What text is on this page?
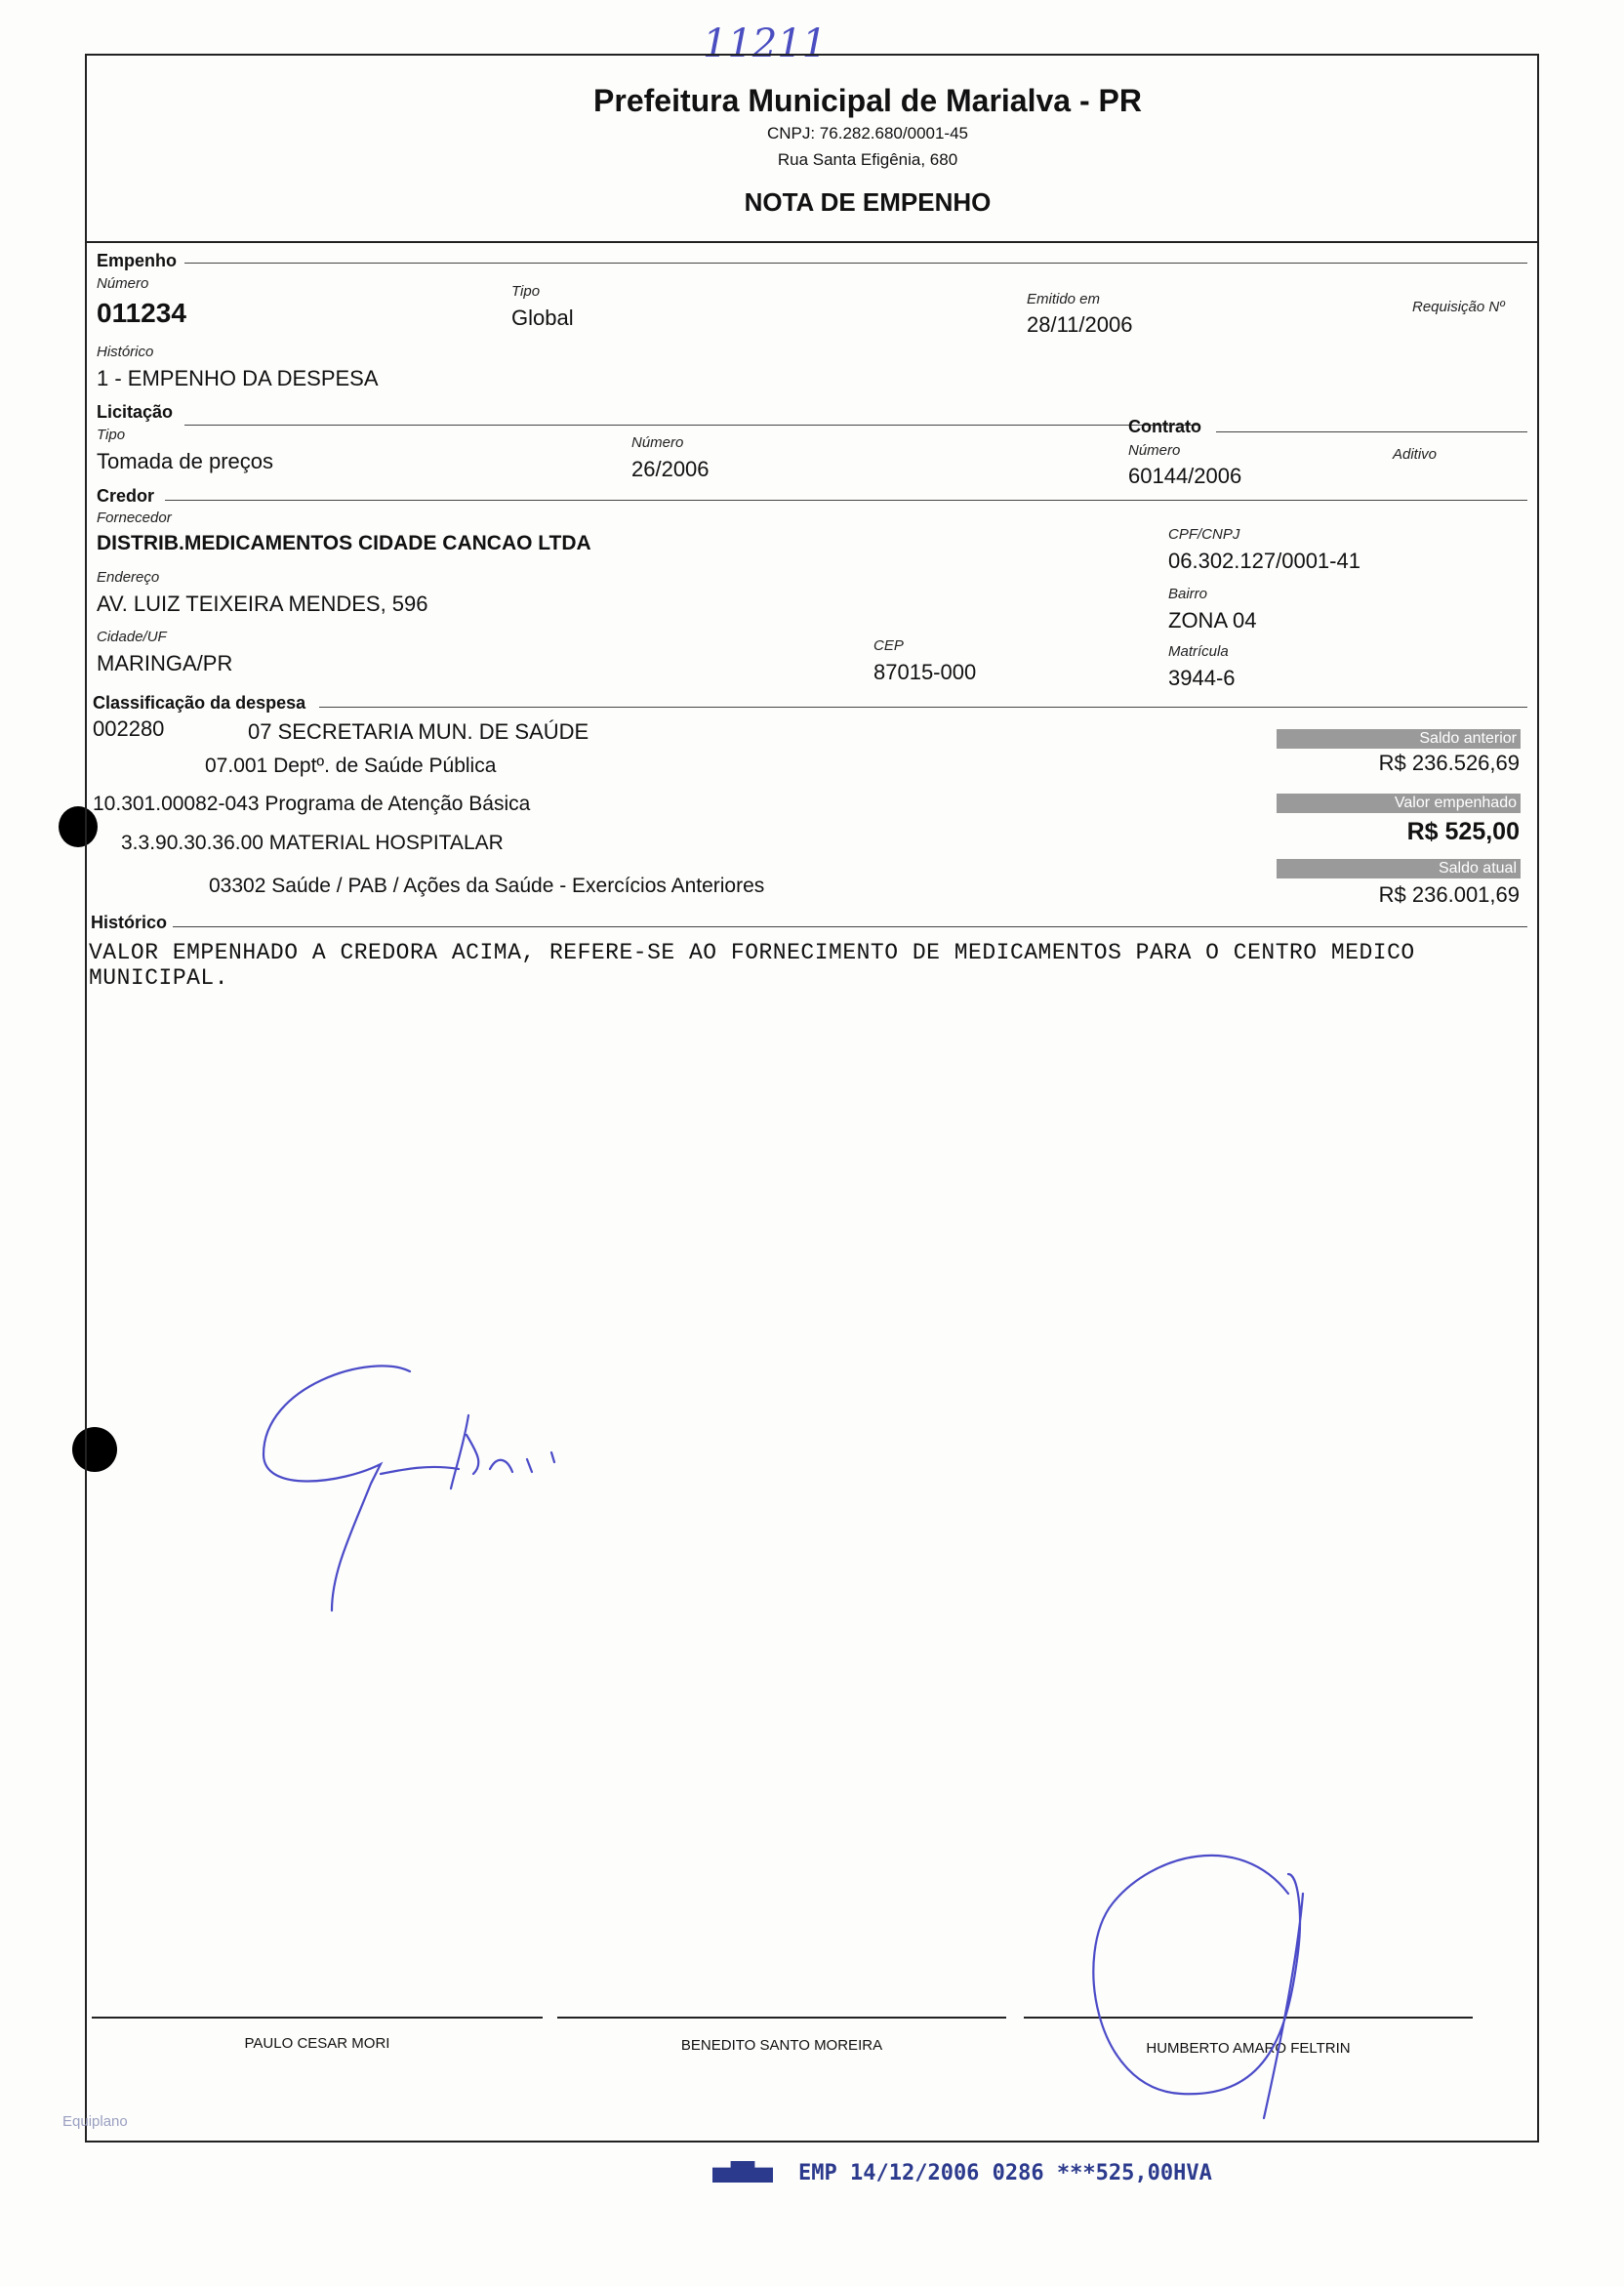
11211
Prefeitura Municipal de Marialva - PR
CNPJ: 76.282.680/0001-45
Rua Santa Efigênia, 680
NOTA DE EMPENHO
Empenho
Número
011234
Tipo
Global
Emitido em
28/11/2006
Requisição Nº
Histórico
1 - EMPENHO DA DESPESA
Licitação
Tipo
Tomada de preços
Número
26/2006
Contrato
Número
60144/2006
Aditivo
Credor
Fornecedor
DISTRIB.MEDICAMENTOS CIDADE CANCAO LTDA	CPF/CNPJ
06.302.127/0001-41
Endereço
AV. LUIZ TEIXEIRA MENDES, 596	Bairro
ZONA 04
Cidade/UF
MARINGA/PR
CEP
87015-000
Matrícula
3944-6
Classificação da despesa
002280	07 SECRETARIA MUN. DE SAÚDE
07.001 Deptº. de Saúde Pública
10.301.00082-043 Programa de Atenção Básica
3.3.90.30.36.00 MATERIAL HOSPITALAR
03302 Saúde / PAB / Ações da Saúde - Exercícios Anteriores
Saldo anterior
R$ 236.526,69
Valor empenhado
R$ 525,00
Saldo atual
R$ 236.001,69
Histórico
VALOR EMPENHADO A CREDORA ACIMA, REFERE-SE AO FORNECIMENTO DE MEDICAMENTOS PARA O CENTRO MEDICO
MUNICIPAL.
PAULO CESAR MORI	BENEDITO SANTO MOREIRA	HUMBERTO AMARO FELTRIN
Equiplano
EMP 14/12/2006 0286 ***525,00HVA
